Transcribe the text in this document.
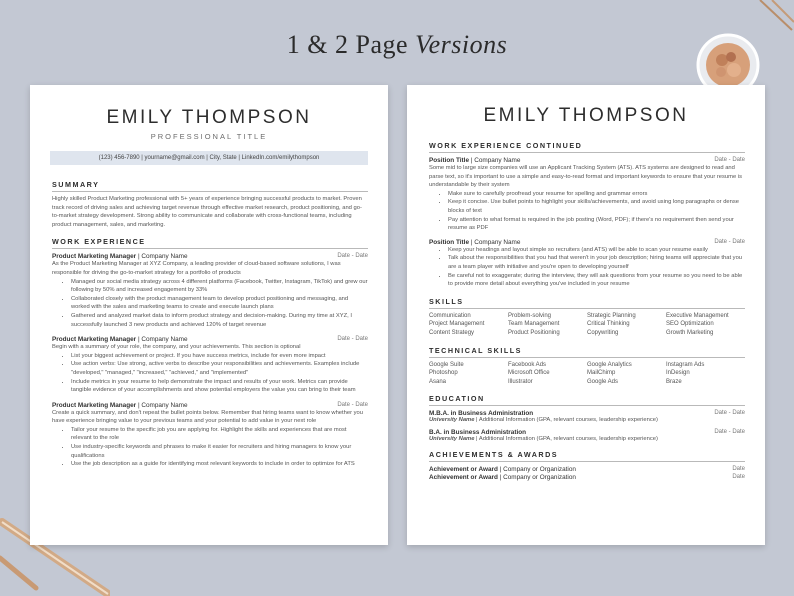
1 & 2 Page Versions
EMILY THOMPSON
PROFESSIONAL TITLE
(123) 456-7890 | yourname@gmail.com | City, State | LinkedIn.com/emilythompson
SUMMARY
Highly skilled Product Marketing professional with 5+ years of experience bringing successful products to market. Proven track record of driving sales and achieving target revenue through effective market research, product positioning, and go-to-market strategy development. Strong ability to communicate and collaborate with cross-functional teams, including product management, sales, and marketing.
WORK EXPERIENCE
Product Marketing Manager | Company Name	Date - Date
As the Product Marketing Manager at XYZ Company, a leading provider of cloud-based software solutions, I was responsible for driving the go-to-market strategy for a portfolio of products
• Managed our social media strategy across 4 different platforms (Facebook, Twitter, Instagram, TikTok) and grew our following by 50% and increased engagement by 33%
• Collaborated closely with the product management team to develop product positioning and messaging, and worked with the sales and marketing teams to create and execute launch plans
• Gathered and analyzed market data to inform product strategy and decision-making. During my time at XYZ, I successfully launched 3 new products and achieved 120% of target revenue
Product Marketing Manager | Company Name	Date - Date
Begin with a summary of your role, the company, and your achievements. This section is optional
• List your biggest achievement or project. If you have success metrics, include for even more impact
• Use action verbs: Use strong, active verbs to describe your responsibilities and achievements. Examples include "developed," "managed," "increased," "achieved," and "implemented"
• Include metrics in your resume to help demonstrate the impact and results of your work. Metrics can provide tangible evidence of your accomplishments and show potential employers the value you can bring to their team
Product Marketing Manager | Company Name	Date - Date
Create a quick summary, and don't repeat the bullet points below. Remember that hiring teams want to know whether you have experience bringing value to your previous teams and your potential to add value in your next role
• Tailor your resume to the specific job you are applying for. Highlight the skills and experiences that are most relevant to the role
• Use industry-specific keywords and phrases to make it easier for recruiters and hiring managers to know your qualifications
• Use the job description as a guide for identifying most relevant keywords to include in order to optimize for ATS
EMILY THOMPSON
WORK EXPERIENCE CONTINUED
Position Title | Company Name	Date - Date
Some mid to large size companies will use an Applicant Tracking System (ATS). ATS systems are designed to read and parse text, so it's important to use a simple and easy-to-read format and important keywords to ensure that your resume is understandable by their system
• Make sure to carefully proofread your resume for spelling and grammar errors
• Keep it concise. Use bullet points to highlight your skills/achievements, and avoid using long paragraphs or dense blocks of text
• Pay attention to what format is required in the job posting (Word, PDF); if there's no requirement then send your resume as PDF
Position Title | Company Name	Date - Date
• Keep your headings and layout simple so recruiters (and ATS) will be able to scan your resume easily
• Talk about the responsibilities that you had that weren't in your job description; hiring teams will appreciate that you are a team player with initiative and you're open to developing yourself
• Be careful not to exaggerate; during the interview, they will ask questions from your resume so you need to be able to provide more detail about everything you've included in your resume
SKILLS
Communication	Problem-solving	Strategic Planning	Executive Management
Project Management	Team Management	Critical Thinking	SEO Optimization
Content Strategy	Product Positioning	Copywriting	Growth Marketing
TECHNICAL SKILLS
Google Suite	Facebook Ads	Google Analytics	Instagram Ads
Photoshop	Microsoft Office	MailChimp	InDesign
Asana	Illustrator	Google Ads	Braze
EDUCATION
M.B.A. in Business Administration	Date - Date
University Name | Additional Information (GPA, relevant courses, leadership experience)
B.A. in Business Administration	Date - Date
University Name | Additional Information (GPA, relevant courses, leadership experience)
ACHIEVEMENTS & AWARDS
Achievement or Award | Company or Organization	Date
Achievement or Award | Company or Organization	Date
